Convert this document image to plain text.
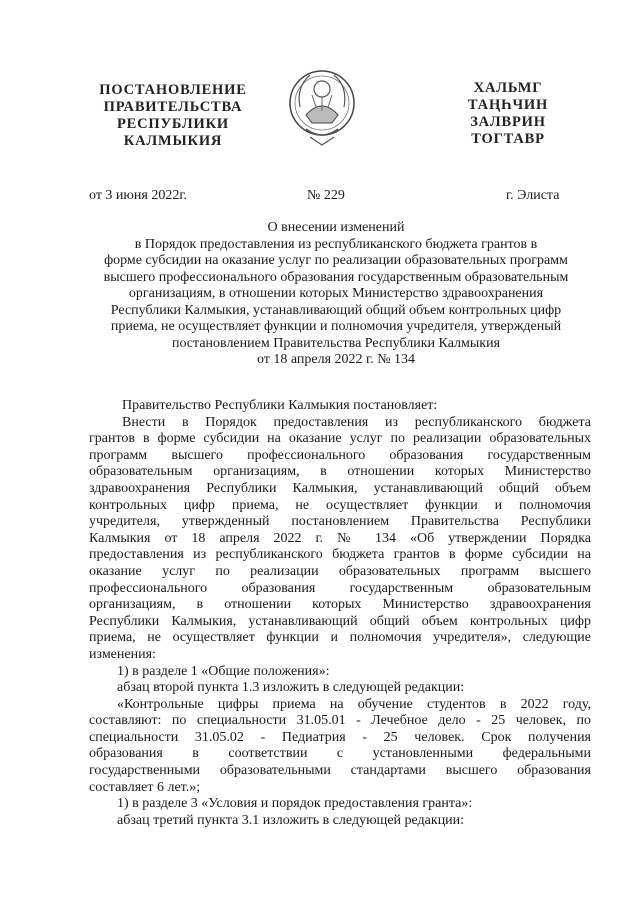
ПОСТАНОВЛЕНИЕ
ПРАВИТЕЛЬСТВА
РЕСПУБЛИКИ
КАЛМЫКИЯ
ХАЛЬМГ
ТАҢҺЧИН
ЗАЛВРИН
ТОГТАВР
от 3 июня 2022г.	№ 229	г. Элиста
О внесении изменений
в Порядок предоставления из республиканского бюджета грантов в
форме субсидии на оказание услуг по реализации образовательных программ
высшего профессионального образования государственным образовательным
организациям, в отношении которых Министерство здравоохранения
Республики Калмыкия, устанавливающий общий объем контрольных цифр
приема, не осуществляет функции и полномочия учредителя, утвержденый
постановлением Правительства Республики Калмыкия
от 18 апреля 2022 г. № 134
Правительство Республики Калмыкия постановляет:
Внести в Порядок предоставления из республиканского бюджета
грантов в форме субсидии на оказание услуг по реализации образовательных
программ высшего профессионального образования государственным
образовательным организациям, в отношении которых Министерство
здравоохранения Республики Калмыкия, устанавливающий общий объем
контрольных цифр приема, не осуществляет функции и полномочия
учредителя, утвержденный постановлением Правительства Республики
Калмыкия от 18 апреля 2022 г. № 134 «Об утверждении Порядка
предоставления из республиканского бюджета грантов в форме субсидии на
оказание услуг по реализации образовательных программ высшего
профессионального образования государственным образовательным
организациям, в отношении которых Министерство здравоохранения
Республики Калмыкия, устанавливающий общий объем контрольных цифр
приема, не осуществляет функции и полномочия учредителя», следующие
изменения:
1) в разделе 1 «Общие положения»:
абзац второй пункта 1.3 изложить в следующей редакции:
«Контрольные цифры приема на обучение студентов в 2022 году,
составляют: по специальности 31.05.01 - Лечебное дело - 25 человек, по
специальности 31.05.02 - Педиатрия - 25 человек. Срок получения
образования в соответствии с установленными федеральными
государственными образовательными стандартами высшего образования
составляет 6 лет.»;
1) в разделе 3 «Условия и порядок предоставления гранта»:
абзац третий пункта 3.1 изложить в следующей редакции:
